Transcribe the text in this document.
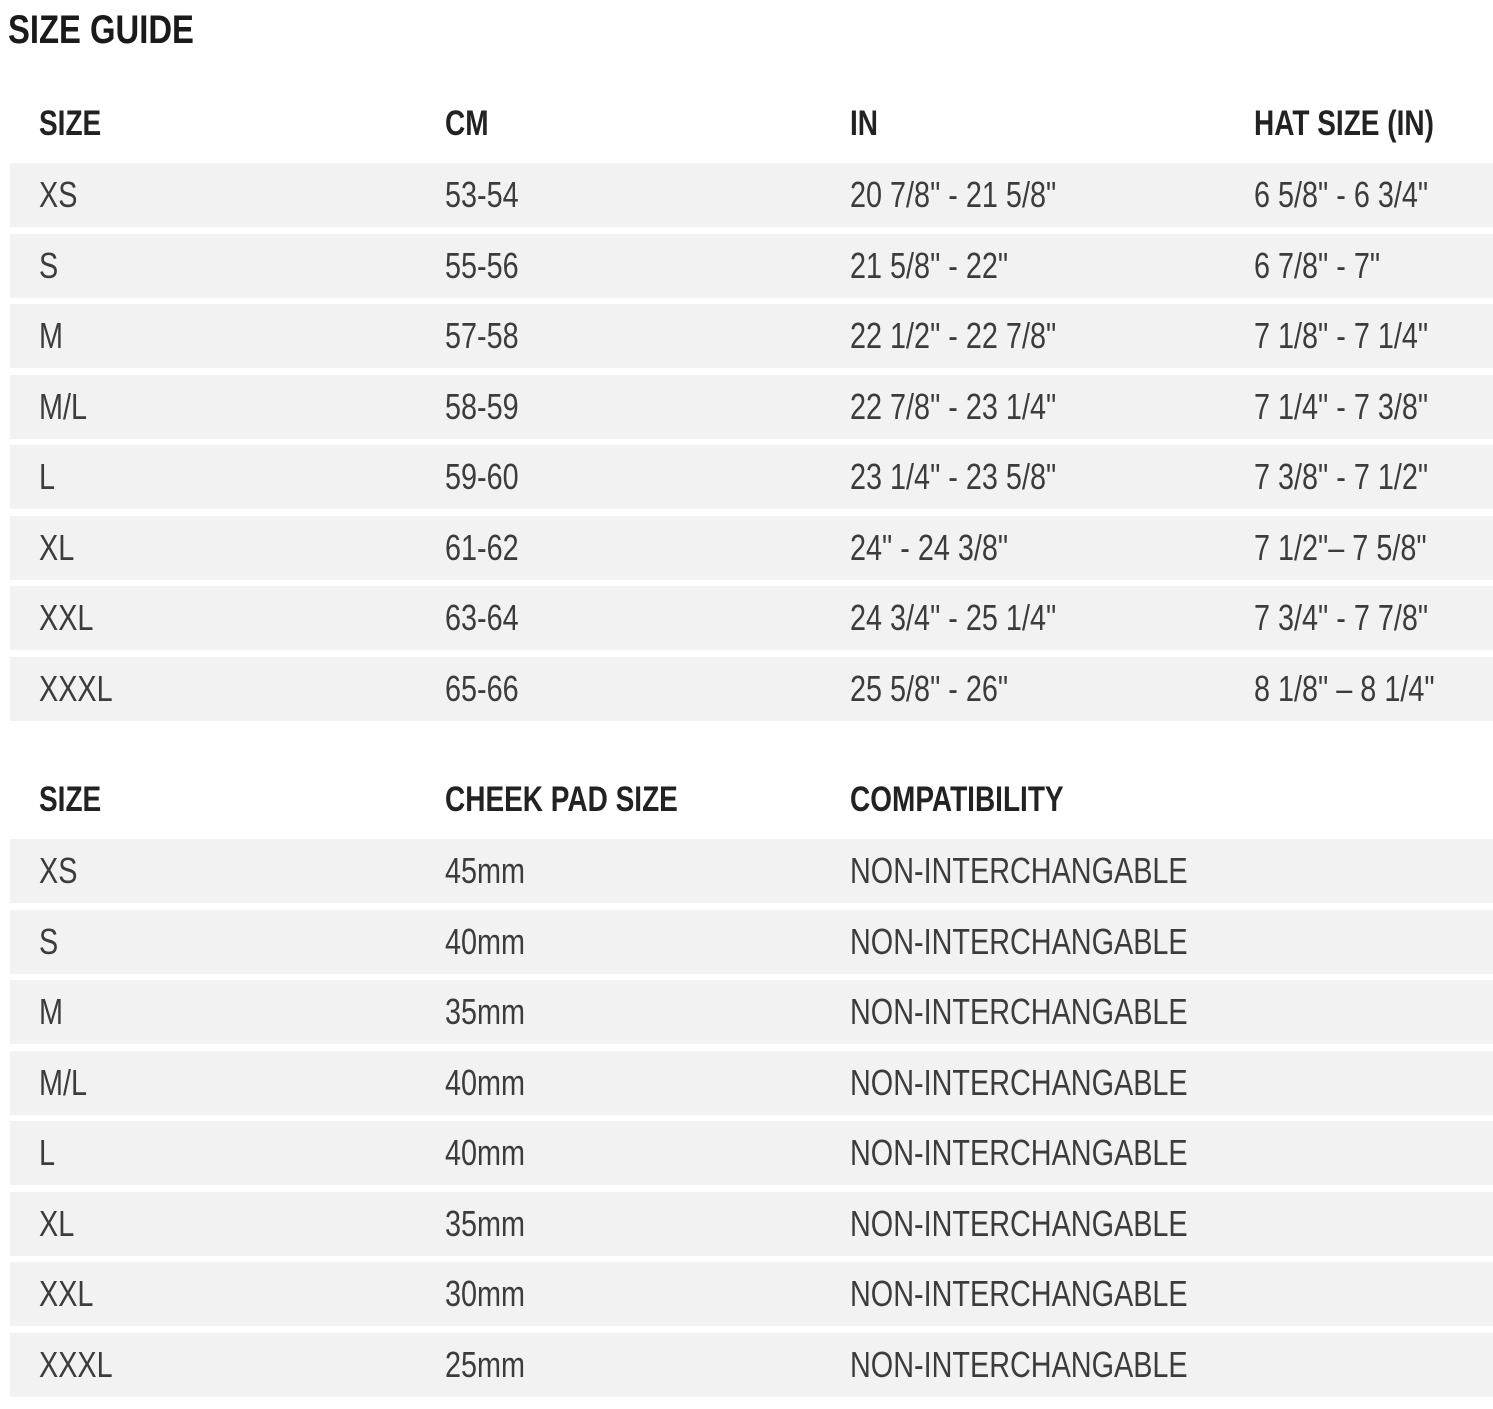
SIZE GUIDE
SIZE	CM	IN	HAT SIZE (IN)
XS	53-54	20 7/8" - 21 5/8"	6 5/8" - 6 3/4"
S	55-56	21 5/8" - 22"	6 7/8" - 7"
M	57-58	22 1/2" - 22 7/8"	7 1/8" - 7 1/4"
M/L	58-59	22 7/8" - 23 1/4"	7 1/4" - 7 3/8"
L	59-60	23 1/4" - 23 5/8"	7 3/8" - 7 1/2"
XL	61-62	24" - 24 3/8"	7 1/2"– 7 5/8"
XXL	63-64	24 3/4" - 25 1/4"	7 3/4" - 7 7/8"
XXXL	65-66	25 5/8" - 26"	8 1/8" – 8 1/4"
SIZE	CHEEK PAD SIZE	COMPATIBILITY
XS	45mm	NON-INTERCHANGABLE
S	40mm	NON-INTERCHANGABLE
M	35mm	NON-INTERCHANGABLE
M/L	40mm	NON-INTERCHANGABLE
L	40mm	NON-INTERCHANGABLE
XL	35mm	NON-INTERCHANGABLE
XXL	30mm	NON-INTERCHANGABLE
XXXL	25mm	NON-INTERCHANGABLE
